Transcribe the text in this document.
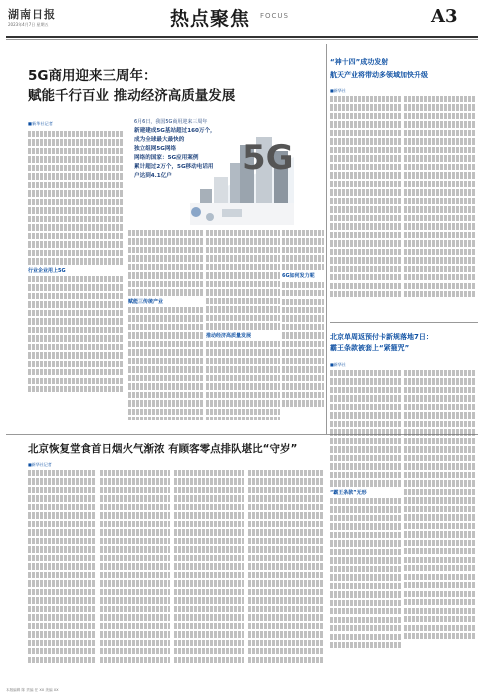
湖南日报
2023年4月7日 星期五	热点聚焦 FOCUS	A3
5G商用迎来三周年：
赋能千行百业 推动经济高质量发展
■新华社记者
5G
6月6日，我国5G商用迎来三周年
新建建成5G基站超过160万个，
成为全球最大最快的
独立组网5G网络
网络的国家：5G应用案例
累计超过2万个，5G移动电话用
户达到4.1亿户
行业企业用上5G
赋能三传统产业
推动经济高质量发展
6G如何发力呢
“神十四”成功发射
航天产业将带动多领域加快升级
■新华社
北京单周返预付卡新规落地7日：
霸王条款被套上“紧箍咒”
■新华社
“霸王条款”无形
北京恢复堂食首日烟火气渐浓 有顾客零点排队堪比“守岁”
■新华社记者
本版编辑 陈 责编 任 XX 美编 XX
